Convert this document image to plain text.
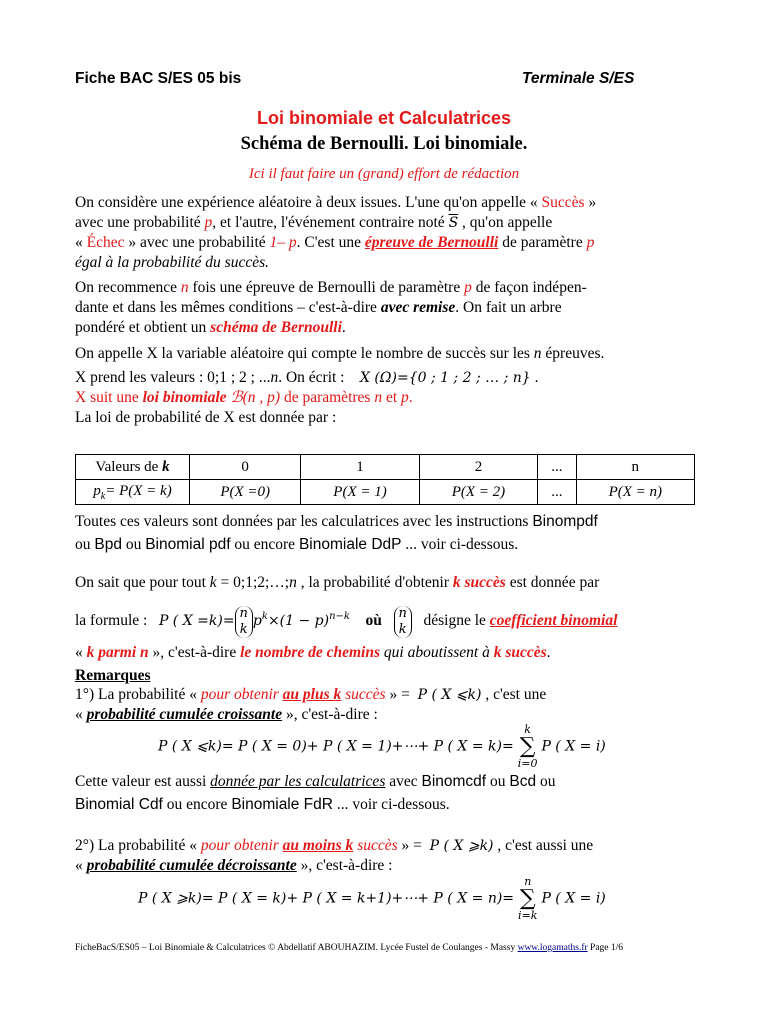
Fiche BAC S/ES 05 bis	Terminale S/ES
Loi binomiale et Calculatrices
Schéma de Bernoulli. Loi binomiale.
Ici il faut faire un (grand) effort de rédaction
On considère une expérience aléatoire à deux issues. L'une qu'on appelle « Succès »
avec une probabilité p, et l'autre, l'événement contraire noté $\overline{S}$ , qu'on appelle
« Échec » avec une probabilité 1– p. C'est une épreuve de Bernoulli de paramètre p
égal à la probabilité du succès.
On recommence n fois une épreuve de Bernoulli de paramètre p de façon indépen-
dante et dans les mêmes conditions – c'est-à-dire avec remise. On fait un arbre
pondéré et obtient un schéma de Bernoulli.
On appelle X la variable aléatoire qui compte le nombre de succès sur les n épreuves.
X prend les valeurs : 0;1 ; 2 ; ...n. On écrit : X (Ω)={0 ; 1 ; 2 ; … ; n} .
X suit une loi binomiale ℬ(n , p) de paramètres n et p.
La loi de probabilité de X est donnée par :
Valeurs de k	0	1	2	...	n
$p_k= P(X = k)$	P(X =0)	P(X = 1)	P(X = 2)	...	P(X = n)
Toutes ces valeurs sont données par les calculatrices avec les instructions Binompdf
ou Bpd ou Binomial pdf ou encore Binomiale DdP ... voir ci-dessous.
On sait que pour tout k = 0;1;2;…;n , la probabilité d'obtenir k succès est donnée par
la formule : P ( X =k)=n
k $p^k\times(1 - p)^{n-k}$ où n
k désigne le coefficient binomial
« k parmi n », c'est-à-dire le nombre de chemins qui aboutissent à k succès.
Remarques
1°) La probabilité « pour obtenir au plus k succès » = P ( X ⩽k) , c'est une
« probabilité cumulée croissante », c'est-à-dire :
P ( X ⩽k)= P ( X = 0)+ P ( X = 1)+⋯+ P ( X = k)= k
∑
i=0 P ( X = i)
Cette valeur est aussi donnée par les calculatrices avec Binomcdf ou Bcd ou
Binomial Cdf ou encore Binomiale FdR ... voir ci-dessous.
2°) La probabilité « pour obtenir au moins k succès » = P ( X ⩾k) , c'est aussi une
« probabilité cumulée décroissante », c'est-à-dire :
P ( X ⩾k)= P ( X = k)+ P ( X = k+1)+⋯+ P ( X = n)= n
∑
i=k P ( X = i)
FicheBacS/ES05 – Loi Binomiale & Calculatrices © Abdellatif ABOUHAZIM. Lycée Fustel de Coulanges - Massy www.logamaths.fr Page 1/6
